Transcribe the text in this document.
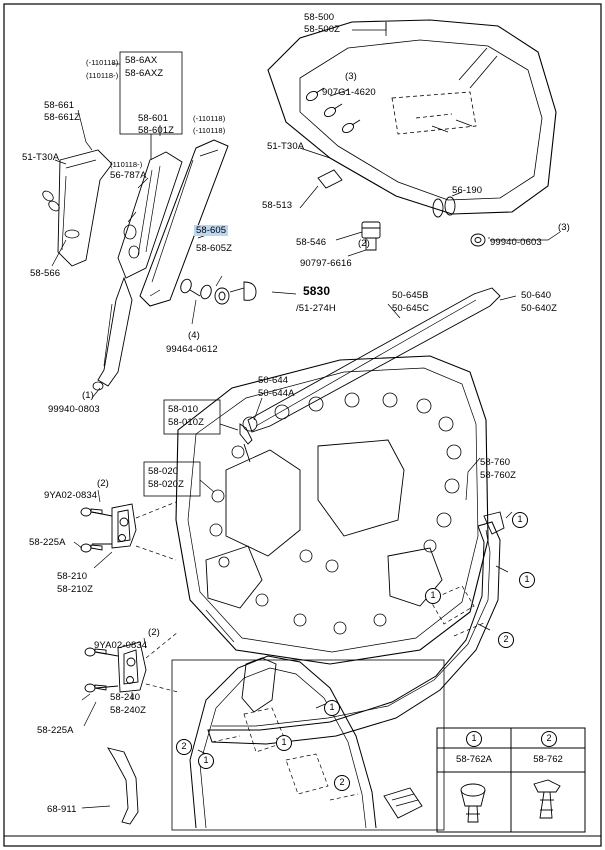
58-500
58-500Z
(-110118) 58-6AX
(110118-) 58-6AXZ
907G1-4620
(3)
58-661
58-661Z	58-601
58-601Z
(-110118)
(-110118)
51-T30A
(110118-)
56-787A
51-T30A
56-190
58-513
58-605
58-605Z
58-546	(2)
(3)
99940-0603
90797-6616
58-566
5830
/51-274H
50-645B
50-645C
50-640
50-640Z
(4)
99464-0612
50-644
50-644A
(1)
99940-0803	58-010
58-010Z
58-020
58-020Z
58-760
58-760Z
(2)
9YA02-0834
58-225A
58-210
58-210Z
(2)
9YA02-0834
58-240
58-240Z
58-225A
68-911
1
1
1
2
1
1
1
2
2
1	2
58-762A	58-762
